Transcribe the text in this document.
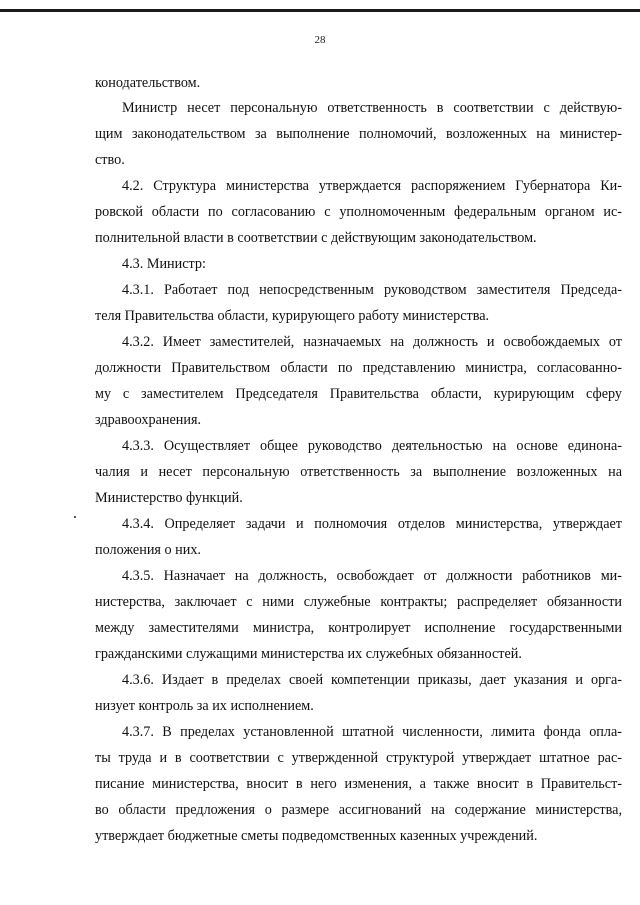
28
конодательством.
Министр несет персональную ответственность в соответствии с действую-
щим законодательством за выполнение полномочий, возложенных на министер-
ство.
4.2. Структура министерства утверждается распоряжением Губернатора Ки-
ровской области по согласованию с уполномоченным федеральным органом ис-
полнительной власти в соответствии с действующим законодательством.
4.3. Министр:
4.3.1. Работает под непосредственным руководством заместителя Председа-
теля Правительства области, курирующего работу министерства.
4.3.2. Имеет заместителей, назначаемых на должность и освобождаемых от
должности Правительством области по представлению министра, согласованно-
му с заместителем Председателя Правительства области, курирующим сферу
здравоохранения.
4.3.3. Осуществляет общее руководство деятельностью на основе единона-
чалия и несет персональную ответственность за выполнение возложенных на
Министерство функций.
4.3.4. Определяет задачи и полномочия отделов министерства, утверждает
положения о них.
4.3.5. Назначает на должность, освобождает от должности работников ми-
нистерства, заключает с ними служебные контракты; распределяет обязанности
между заместителями министра, контролирует исполнение государственными
гражданскими служащими министерства их служебных обязанностей.
4.3.6. Издает в пределах своей компетенции приказы, дает указания и орга-
низует контроль за их исполнением.
4.3.7. В пределах установленной штатной численности, лимита фонда опла-
ты труда и в соответствии с утвержденной структурой утверждает штатное рас-
писание министерства, вносит в него изменения, а также вносит в Правительст-
во области предложения о размере ассигнований на содержание министерства,
утверждает бюджетные сметы подведомственных казенных учреждений.
